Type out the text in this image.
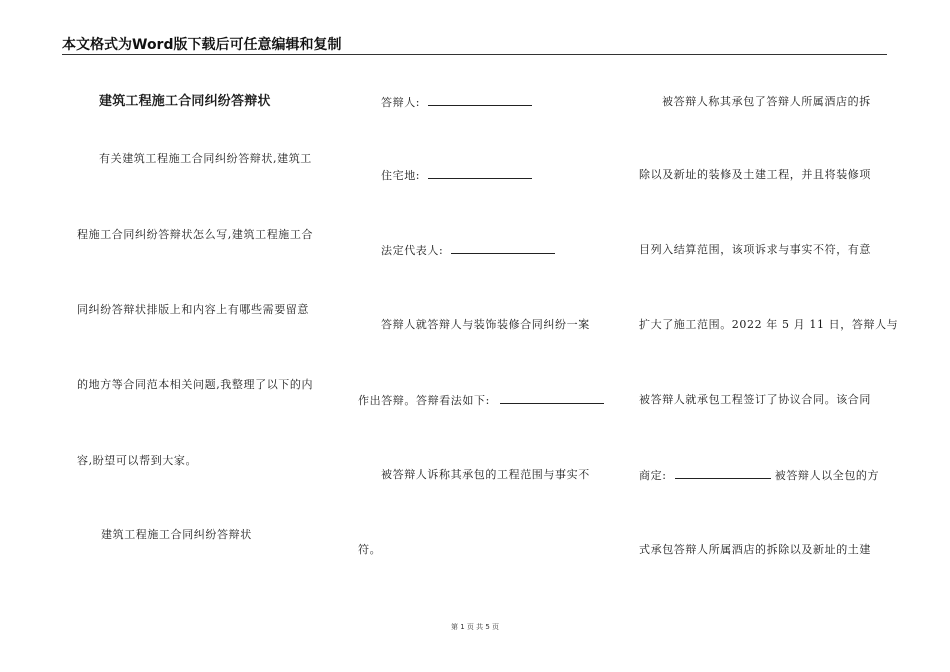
本文格式为Word版下载后可任意编辑和复制
建筑工程施工合同纠纷答辩状
有关建筑工程施工合同纠纷答辩状,建筑工
程施工合同纠纷答辩状怎么写,建筑工程施工合
同纠纷答辩状排版上和内容上有哪些需要留意
的地方等合同范本相关问题,我整理了以下的内
容,盼望可以帮到大家。
建筑工程施工合同纠纷答辩状
答辩人:
住宅地:
法定代表人:
答辩人就答辩人与装饰装修合同纠纷一案
作出答辩。答辩看法如下:
被答辩人诉称其承包的工程范围与事实不
符。
被答辩人称其承包了答辩人所属酒店的拆
除以及新址的装修及土建工程，并且将装修项
目列入结算范围，该项诉求与事实不符，有意
扩大了施工范围。2022 年 5 月 11 日，答辩人与
被答辩人就承包工程签订了协议合同。该合同
商定:	被答辩人以全包的方
式承包答辩人所属酒店的拆除以及新址的土建
第 1 页 共 5 页
